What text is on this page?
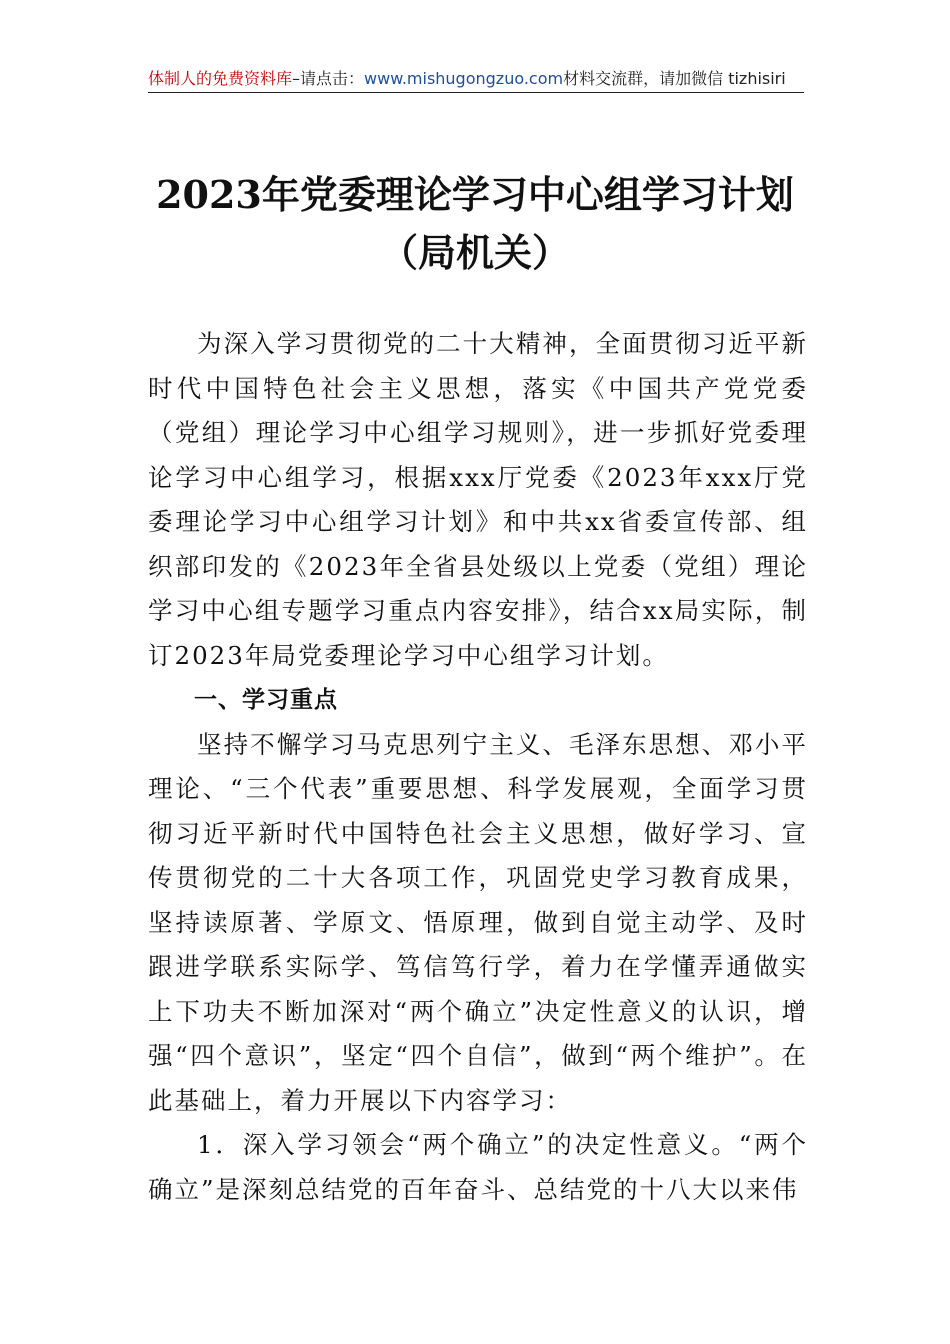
体制人的免费资料库–请点击：www.mishugongzuo.com材料交流群，请加微信 tizhisiri
2023年党委理论学习中心组学习计划（局机关）

为深入学习贯彻党的二十大精神，全面贯彻习近平新时代中国特色社会主义思想，落实《中国共产党党委（党组）理论学习中心组学习规则》，进一步抓好党委理论学习中心组学习，根据xxx厅党委《2023年xxx厅党委理论学习中心组学习计划》和中共xx省委宣传部、组织部印发的《2023年全省县处级以上党委（党组）理论学习中心组专题学习重点内容安排》，结合xx局实际，制订2023年局党委理论学习中心组学习计划。

一、学习重点

坚持不懈学习马克思列宁主义、毛泽东思想、邓小平理论、“三个代表”重要思想、科学发展观，全面学习贯彻习近平新时代中国特色社会主义思想，做好学习、宣传贯彻党的二十大各项工作，巩固党史学习教育成果，坚持读原著、学原文、悟原理，做到自觉主动学、及时跟进学联系实际学、笃信笃行学，着力在学懂弄通做实上下功夫不断加深对“两个确立”决定性意义的认识，增强“四个意识”，坚定“四个自信”，做到“两个维护”。在此基础上，着力开展以下内容学习：

1．深入学习领会“两个确立”的决定性意义。“两个确立”是深刻总结党的百年奋斗、总结党的十八大以来伟
